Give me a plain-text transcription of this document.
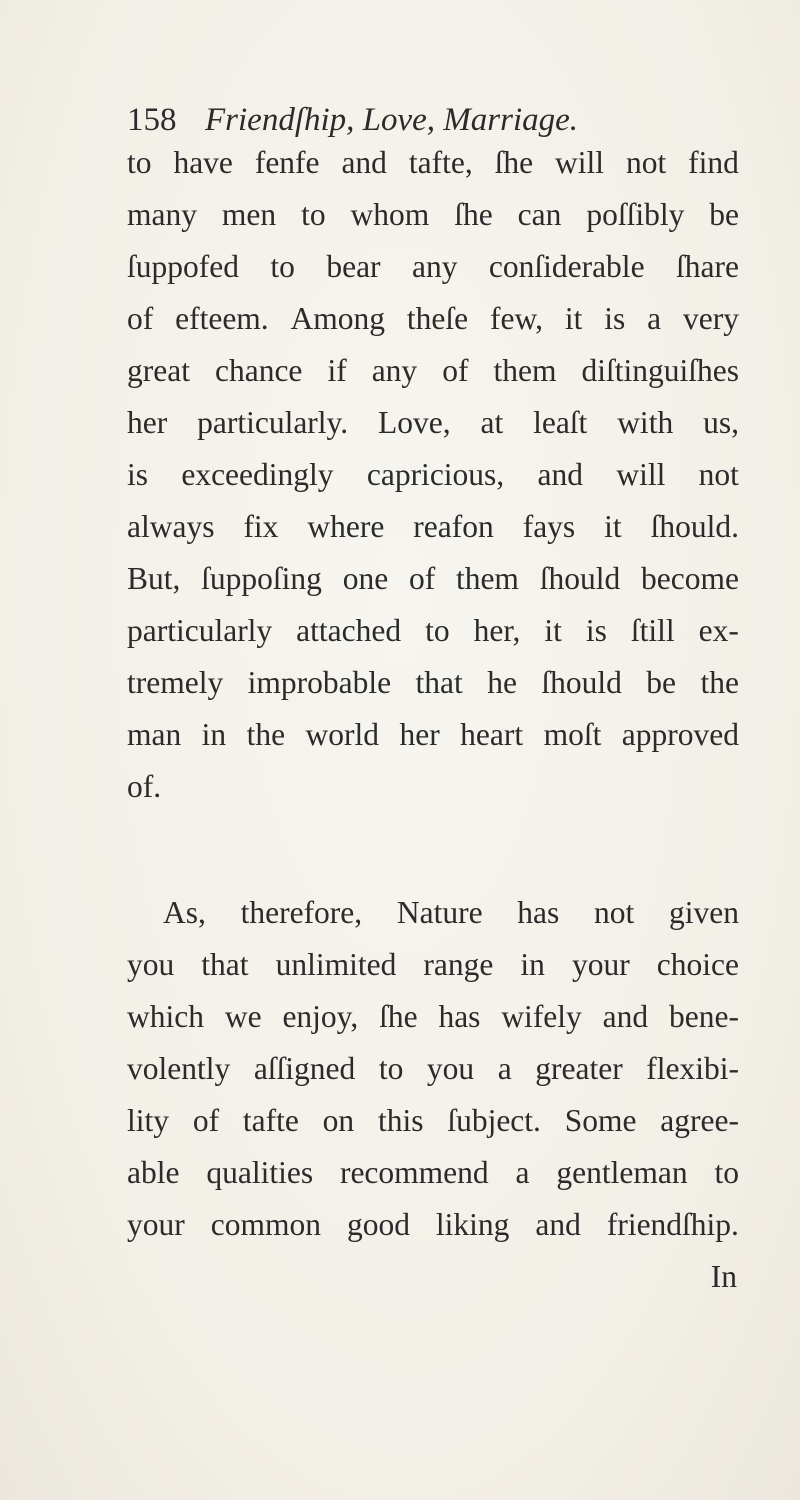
158 Friendſhip, Love, Marriage.
to have fenfe and tafte, ſhe will not find
many men to whom ſhe can poſſibly be
ſuppofed to bear any conſiderable ſhare
of efteem. Among theſe few, it is a very
great chance if any of them diſtinguiſhes
her particularly. Love, at leaſt with us,
is exceedingly capricious, and will not
always fix where reafon fays it ſhould.
But, ſuppoſing one of them ſhould become
particularly attached to her, it is ſtill ex-
tremely improbable that he ſhould be the
man in the world her heart moſt approved
of.
As, therefore, Nature has not given
you that unlimited range in your choice
which we enjoy, ſhe has wifely and bene-
volently aſſigned to you a greater flexibi-
lity of tafte on this ſubject. Some agree-
able qualities recommend a gentleman to
your common good liking and friendſhip.
In
